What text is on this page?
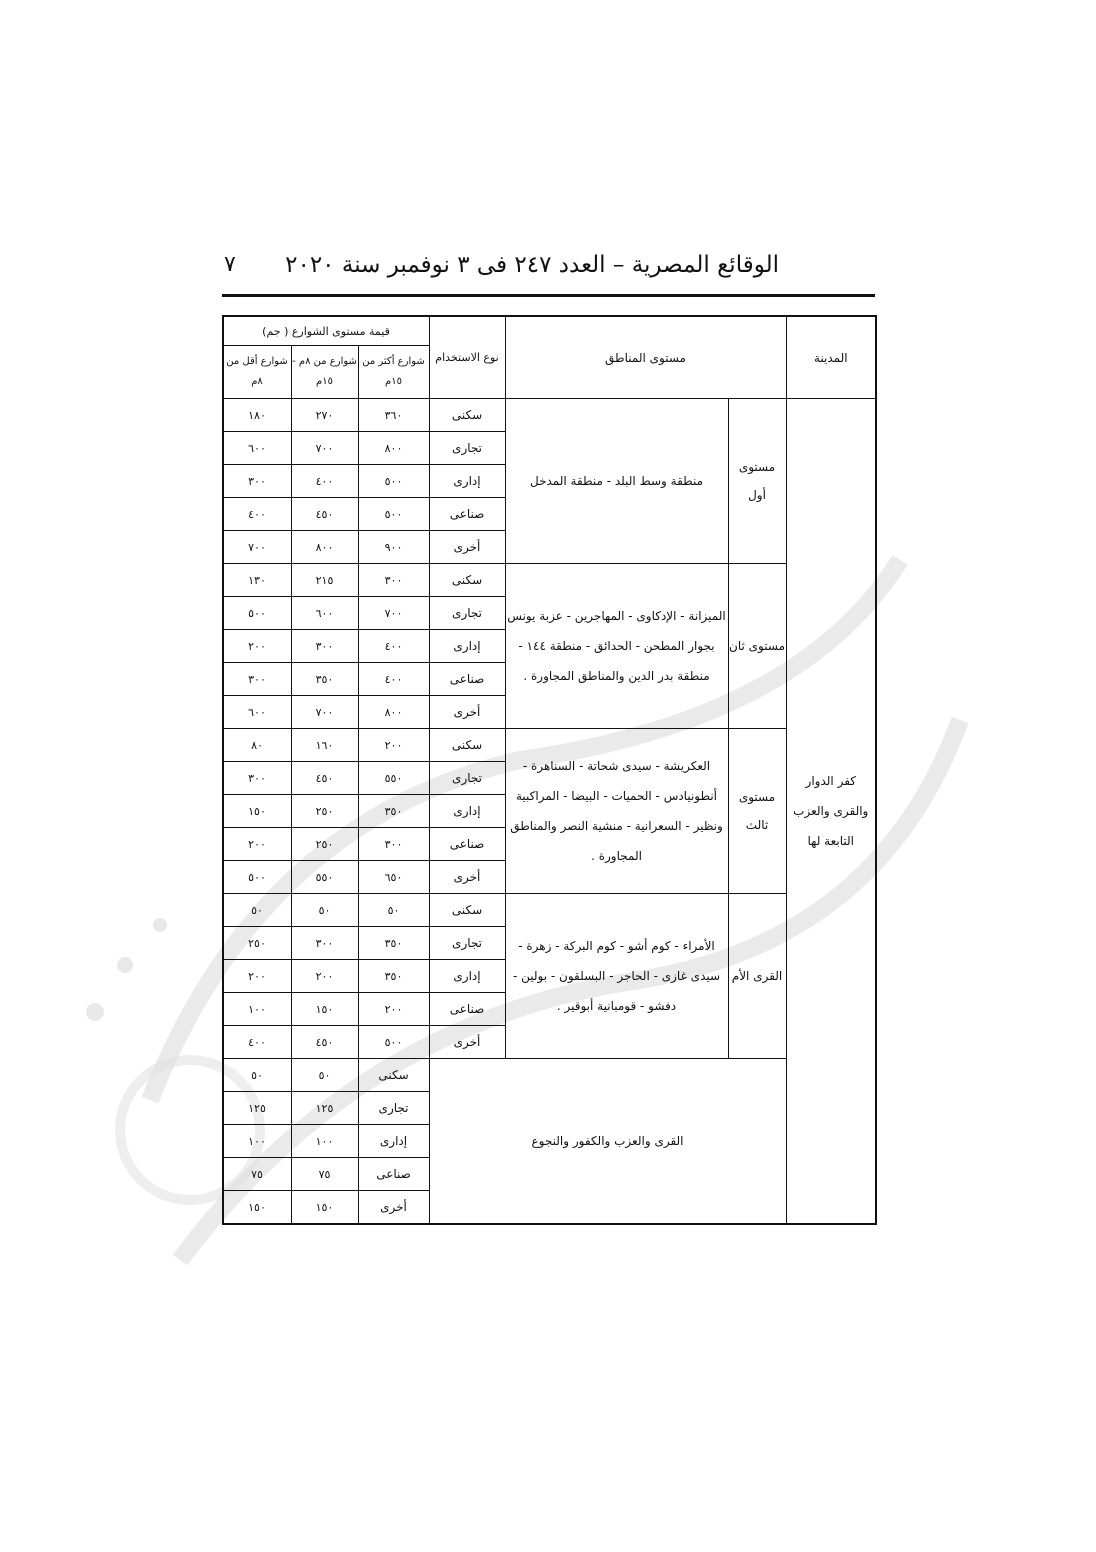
الوقائع المصرية – العدد ٢٤٧ فى ٣ نوفمبر سنة ٢٠٢٠
٧
المدينة	مستوى المناطق		نوع الاستخدام	قيمة مستوى الشوارع ( جم)			
				شوارع أكثر من ١٥م	شوارع من ٨م - ١٥م	شوارع أقل من ٨م	
كفر الدوار والقرى والعزب التابعة لها	مستوى أول	منطقة وسط البلد - منطقة المدخل	سكنى	٣٦٠	٢٧٠	١٨٠	
			تجارى	٨٠٠	٧٠٠	٦٠٠	
			إدارى	٥٠٠	٤٠٠	٣٠٠	
			صناعى	٥٠٠	٤٥٠	٤٠٠	
			أخرى	٩٠٠	٨٠٠	٧٠٠	
	مستوى ثان	الميزانة - الإدكاوى - المهاجرين - عزبة يونس بجوار المطحن - الحدائق - منطقة ١٤٤ - منطقة بدر الدين والمناطق المجاورة .	سكنى	٣٠٠	٢١٥	١٣٠	
			تجارى	٧٠٠	٦٠٠	٥٠٠	
			إدارى	٤٠٠	٣٠٠	٢٠٠	
			صناعى	٤٠٠	٣٥٠	٣٠٠	
			أخرى	٨٠٠	٧٠٠	٦٠٠	
	مستوى ثالث	العكريشة - سيدى شحاتة - السناهرة - أنطونيادس - الحميات - البيضا - المراكبية ونظير - السعرانية - منشية النصر والمناطق المجاورة .	سكنى	٢٠٠	١٦٠	٨٠	
			تجارى	٥٥٠	٤٥٠	٣٠٠	
			إدارى	٣٥٠	٢٥٠	١٥٠	
			صناعى	٣٠٠	٢٥٠	٢٠٠	
			أخرى	٦٥٠	٥٥٠	٥٠٠	
	القرى الأم	الأمراء - كوم أشو - كوم البركة - زهرة - سيدى غازى - الحاجر - البسلقون - بولين - دفشو - قومبانية أبوقير .	سكنى	٥٠	٥٠	٥٠	
			تجارى	٣٥٠	٣٠٠	٢٥٠	
			إدارى	٣٥٠	٢٠٠	٢٠٠	
			صناعى	٢٠٠	١٥٠	١٠٠	
			أخرى	٥٠٠	٤٥٠	٤٠٠	
	القرى والعزب والكفور والنجوع			سكنى	٥٠	٥٠	
				تجارى	١٢٥	١٢٥	
				إدارى	١٠٠	١٠٠	
				صناعى	٧٥	٧٥	
				أخرى	١٥٠	١٥٠	
